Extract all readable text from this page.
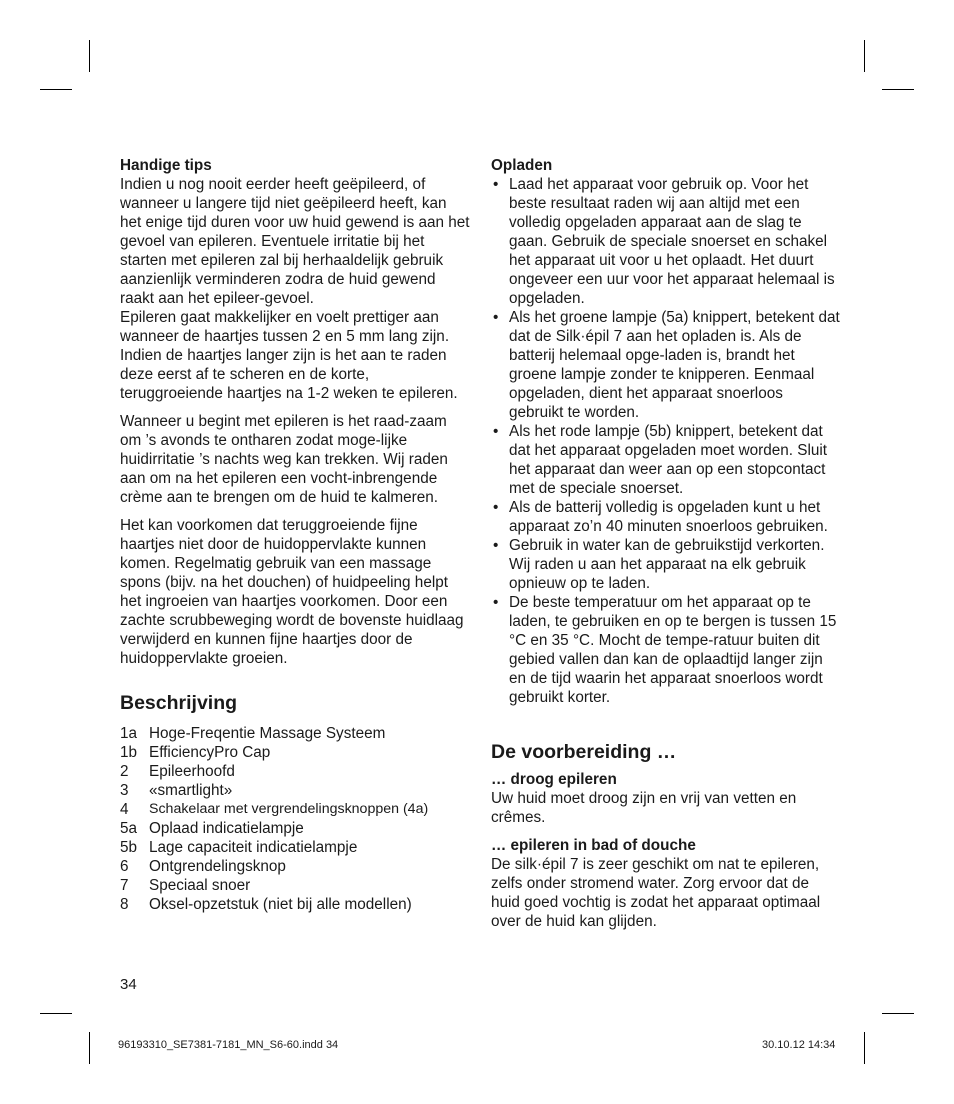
Handige tips

Indien u nog nooit eerder heeft geëpileerd, of wanneer u langere tijd niet geëpileerd heeft, kan het enige tijd duren voor uw huid gewend is aan het gevoel van epileren. Eventuele irritatie bij het starten met epileren zal bij herhaaldelijk gebruik aanzienlijk verminderen zodra de huid gewend raakt aan het epileer-gevoel.

Epileren gaat makkelijker en voelt prettiger aan wanneer de haartjes tussen 2 en 5 mm lang zijn. Indien de haartjes langer zijn is het aan te raden deze eerst af te scheren en de korte, teruggroeiende haartjes na 1-2 weken te epileren.

Wanneer u begint met epileren is het raad-zaam om ’s avonds te ontharen zodat moge-lijke huidirritatie ’s nachts weg kan trekken. Wij raden aan om na het epileren een vocht-inbrengende crème aan te brengen om de huid te kalmeren.

Het kan voorkomen dat teruggroeiende fijne haartjes niet door de huidoppervlakte kunnen komen. Regelmatig gebruik van een massage spons (bijv. na het douchen) of huidpeeling helpt het ingroeien van haartjes voorkomen. Door een zachte scrubbeweging wordt de bovenste huidlaag verwijderd en kunnen fijne haartjes door de huidoppervlakte groeien.

Beschrijving

1a Hoge-Freqentie Massage Systeem
1b EfficiencyPro Cap
2	Epileerhoofd
3	«smartlight»
4	Schakelaar met vergrendelingsknoppen (4a)
5a Oplaad indicatielampje
5b Lage capaciteit indicatielampje
6	Ontgrendelingsknop
7	Speciaal snoer
8	Oksel-opzetstuk (niet bij alle modellen)
34

Opladen

• Laad het apparaat voor gebruik op. Voor het beste resultaat raden wij aan altijd met een volledig opgeladen apparaat aan de slag te gaan. Gebruik de speciale snoerset en schakel het apparaat uit voor u het oplaadt. Het duurt ongeveer een uur voor het apparaat helemaal is opgeladen.
• Als het groene lampje (5a) knippert, betekent dat dat de Silk·épil 7 aan het opladen is. Als de batterij helemaal opge-laden is, brandt het groene lampje zonder te knipperen. Eenmaal opgeladen, dient het apparaat snoerloos gebruikt te worden.
• Als het rode lampje (5b) knippert, betekent dat dat het apparaat opgeladen moet worden. Sluit het apparaat dan weer aan op een stopcontact met de speciale snoerset.
• Als de batterij volledig is opgeladen kunt u het apparaat zo’n 40 minuten snoerloos gebruiken.
• Gebruik in water kan de gebruikstijd verkorten. Wij raden u aan het apparaat na elk gebruik opnieuw op te laden.
• De beste temperatuur om het apparaat op te laden, te gebruiken en op te bergen is tussen 15 °C en 35 °C. Mocht de tempe-ratuur buiten dit gebied vallen dan kan de oplaadtijd langer zijn en de tijd waarin het apparaat snoerloos wordt gebruikt korter.

De voorbereiding …

… droog epileren

Uw huid moet droog zijn en vrij van vetten en crêmes.

… epileren in bad of douche

De silk·épil 7 is zeer geschikt om nat te epileren, zelfs onder stromend water. Zorg ervoor dat de huid goed vochtig is zodat het apparaat optimaal over de huid kan glijden.

96193310_SE7381-7181_MN_S6-60.indd 34	30.10.12 14:34
